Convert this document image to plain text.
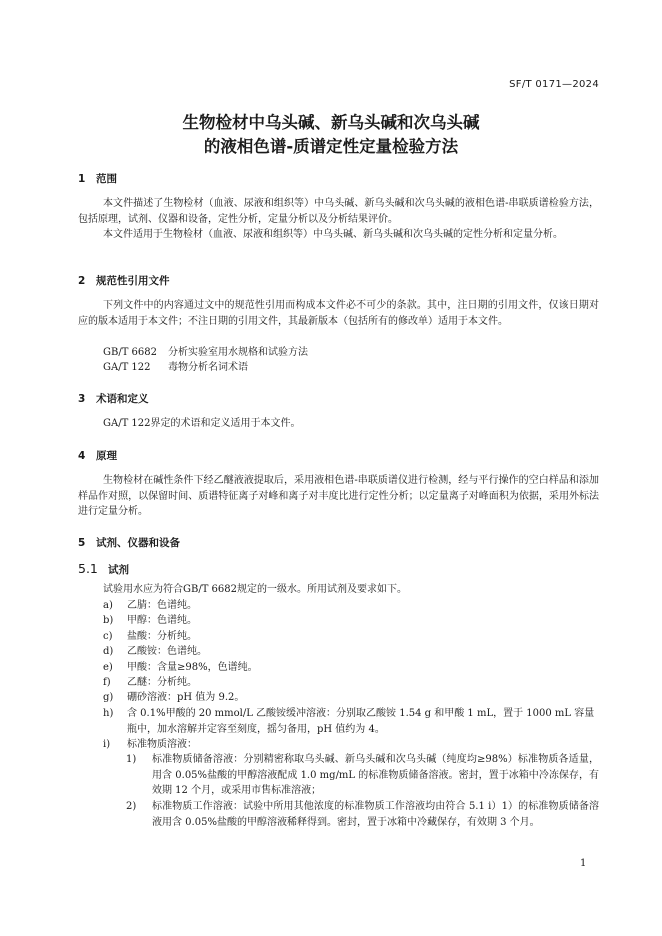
SF/T 0171—2024
生物检材中乌头碱、新乌头碱和次乌头碱
的液相色谱-质谱定性定量检验方法
1 范围
本文件描述了生物检材（血液、尿液和组织等）中乌头碱、新乌头碱和次乌头碱的液相色谱-串联质谱检验方法，包括原理，试剂、仪器和设备，定性分析，定量分析以及分析结果评价。
本文件适用于生物检材（血液、尿液和组织等）中乌头碱、新乌头碱和次乌头碱的定性分析和定量分析。
2 规范性引用文件
下列文件中的内容通过文中的规范性引用而构成本文件必不可少的条款。其中，注日期的引用文件，仅该日期对应的版本适用于本文件；不注日期的引用文件，其最新版本（包括所有的修改单）适用于本文件。
GB/T 6682 分析实验室用水规格和试验方法
GA/T 122 毒物分析名词术语
3 术语和定义
GA/T 122界定的术语和定义适用于本文件。
4 原理
生物检材在碱性条件下经乙醚液液提取后，采用液相色谱-串联质谱仪进行检测，经与平行操作的空白样品和添加样品作对照，以保留时间、质谱特征离子对峰和离子对丰度比进行定性分析；以定量离子对峰面积为依据，采用外标法进行定量分析。
5 试剂、仪器和设备
5.1 试剂
试验用水应为符合GB/T 6682规定的一级水。所用试剂及要求如下。
a) 乙腈：色谱纯。
b) 甲醇：色谱纯。
c) 盐酸：分析纯。
d) 乙酸铵：色谱纯。
e) 甲酸：含量≥98%，色谱纯。
f) 乙醚：分析纯。
g) 硼砂溶液：pH 值为 9.2。
h) 含 0.1%甲酸的 20 mmol/L 乙酸铵缓冲溶液：分别取乙酸铵 1.54 g 和甲酸 1 mL，置于 1000 mL 容量瓶中，加水溶解并定容至刻度，摇匀备用，pH 值约为 4。
i) 标准物质溶液：
1) 标准物质储备溶液：分别精密称取乌头碱、新乌头碱和次乌头碱（纯度均≥98%）标准物质各适量，用含 0.05%盐酸的甲醇溶液配成 1.0 mg/mL 的标准物质储备溶液。密封，置于冰箱中冷冻保存，有效期 12 个月，或采用市售标准溶液；
2) 标准物质工作溶液：试验中所用其他浓度的标准物质工作溶液均由符合 5.1 i）1）的标准物质储备溶液用含 0.05%盐酸的甲醇溶液稀释得到。密封，置于冰箱中冷藏保存，有效期 3 个月。
1
